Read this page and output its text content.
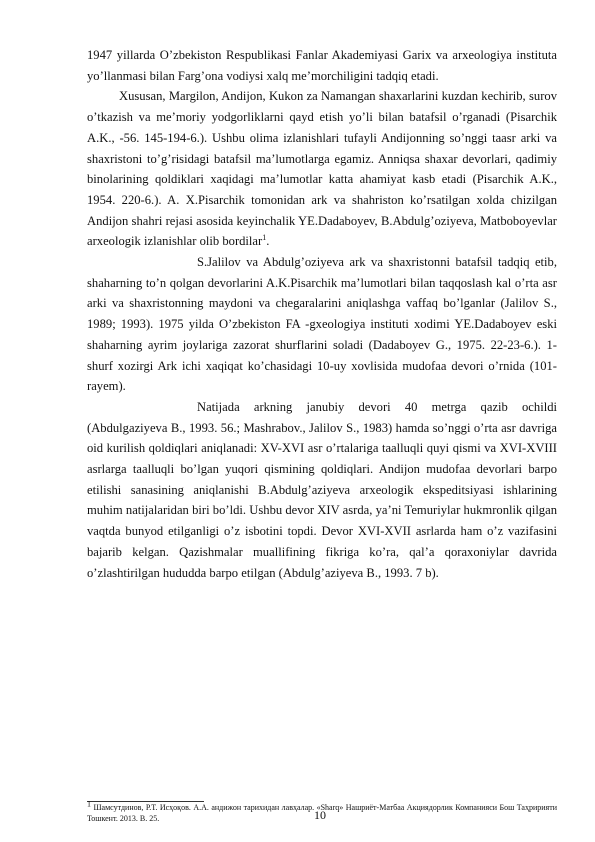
1947 yillarda O’zbekiston Respublikasi Fanlar Akademiyasi Garix va arxeologiya instituta yo’llanmasi bilan Farg’ona vodiysi xalq me’morchiligini tadqiq etadi.

Xususan, Margilon, Andijon, Kukon za Namangan shaxarlarini kuzdan kechirib, surov o’tkazish va me’moriy yodgorliklarni qayd etish yo’li bilan batafsil o’rganadi (Pisarchik A.K., -56. 145-194-6.). Ushbu olima izlanishlari tufayli Andijonning so’nggi taasr arki va shaxristoni to’g’risidagi batafsil ma’lumotlarga egamiz. Anniqsa shaxar devorlari, qadimiy binolarining qoldiklari xaqidagi ma’lumotlar katta ahamiyat kasb etadi (Pisarchik A.K., 1954. 220-6.). A. X.Pisarchik tomonidan ark va shahriston ko’rsatilgan xolda chizilgan Andijon shahri rejasi asosida keyinchalik YE.Dadaboyev, B.Abdulg’oziyeva, Matboboyevlar arxeologik izlanishlar olib bordilar$^1$.

S.Jalilov va Abdulg’oziyeva ark va shaxristonni batafsil tadqiq etib, shaharning to’n qolgan devorlarini A.K.Pisarchik ma’lumotlari bilan taqqoslash kal o’rta asr arki va shaxristonning maydoni va chegaralarini aniqlashga vaffaq bo’lganlar (Jalilov S., 1989; 1993). 1975 yilda O’zbekiston FA -gxeologiya instituti xodimi YE.Dadaboyev eski shaharning ayrim joylariga zazorat shurflarini soladi (Dadaboyev G., 1975. 22-23-6.). 1-shurf xozirgi Ark ichi xaqiqat ko’chasidagi 10-uy xovlisida mudofaa devori o’rnida (101-rayem).

Natijada arkning janubiy devori 40 metrga qazib ochildi (Abdulgaziyeva B., 1993. 56.; Mashrabov., Jalilov S., 1983) hamda so’nggi o’rta asr davriga oid kurilish qoldiqlari aniqlanadi: XV-XVI asr o’rtalariga taalluqli quyi qismi va XVI-XVIII asrlarga taalluqli bo’lgan yuqori qismining qoldiqlari. Andijon mudofaa devorlari barpo etilishi sanasining aniqlanishi B.Abdulg’aziyeva arxeologik ekspeditsiyasi ishlarining muhim natijalaridan biri bo’ldi. Ushbu devor XIV asrda, ya’ni Temuriylar hukmronlik qilgan vaqtda bunyod etilganligi o’z isbotini topdi. Devor XVI-XVII asrlarda ham o’z vazifasini bajarib kelgan. Qazishmalar muallifining fikriga ko’ra, qal’a qoraxoniylar davrida o’zlashtirilgan hududda barpo etilgan (Abdulg’aziyeva B., 1993. 7 b).

$^1$ Шамсутдинов, Р.Т. Исҳоқов. А.А. андижон тарихидан лавҳалар. «Sharq» Нашриёт-Матбаа Акциядорлик Компанияси Бош Таҳририяти Тошкент. 2013. B. 25.	10
